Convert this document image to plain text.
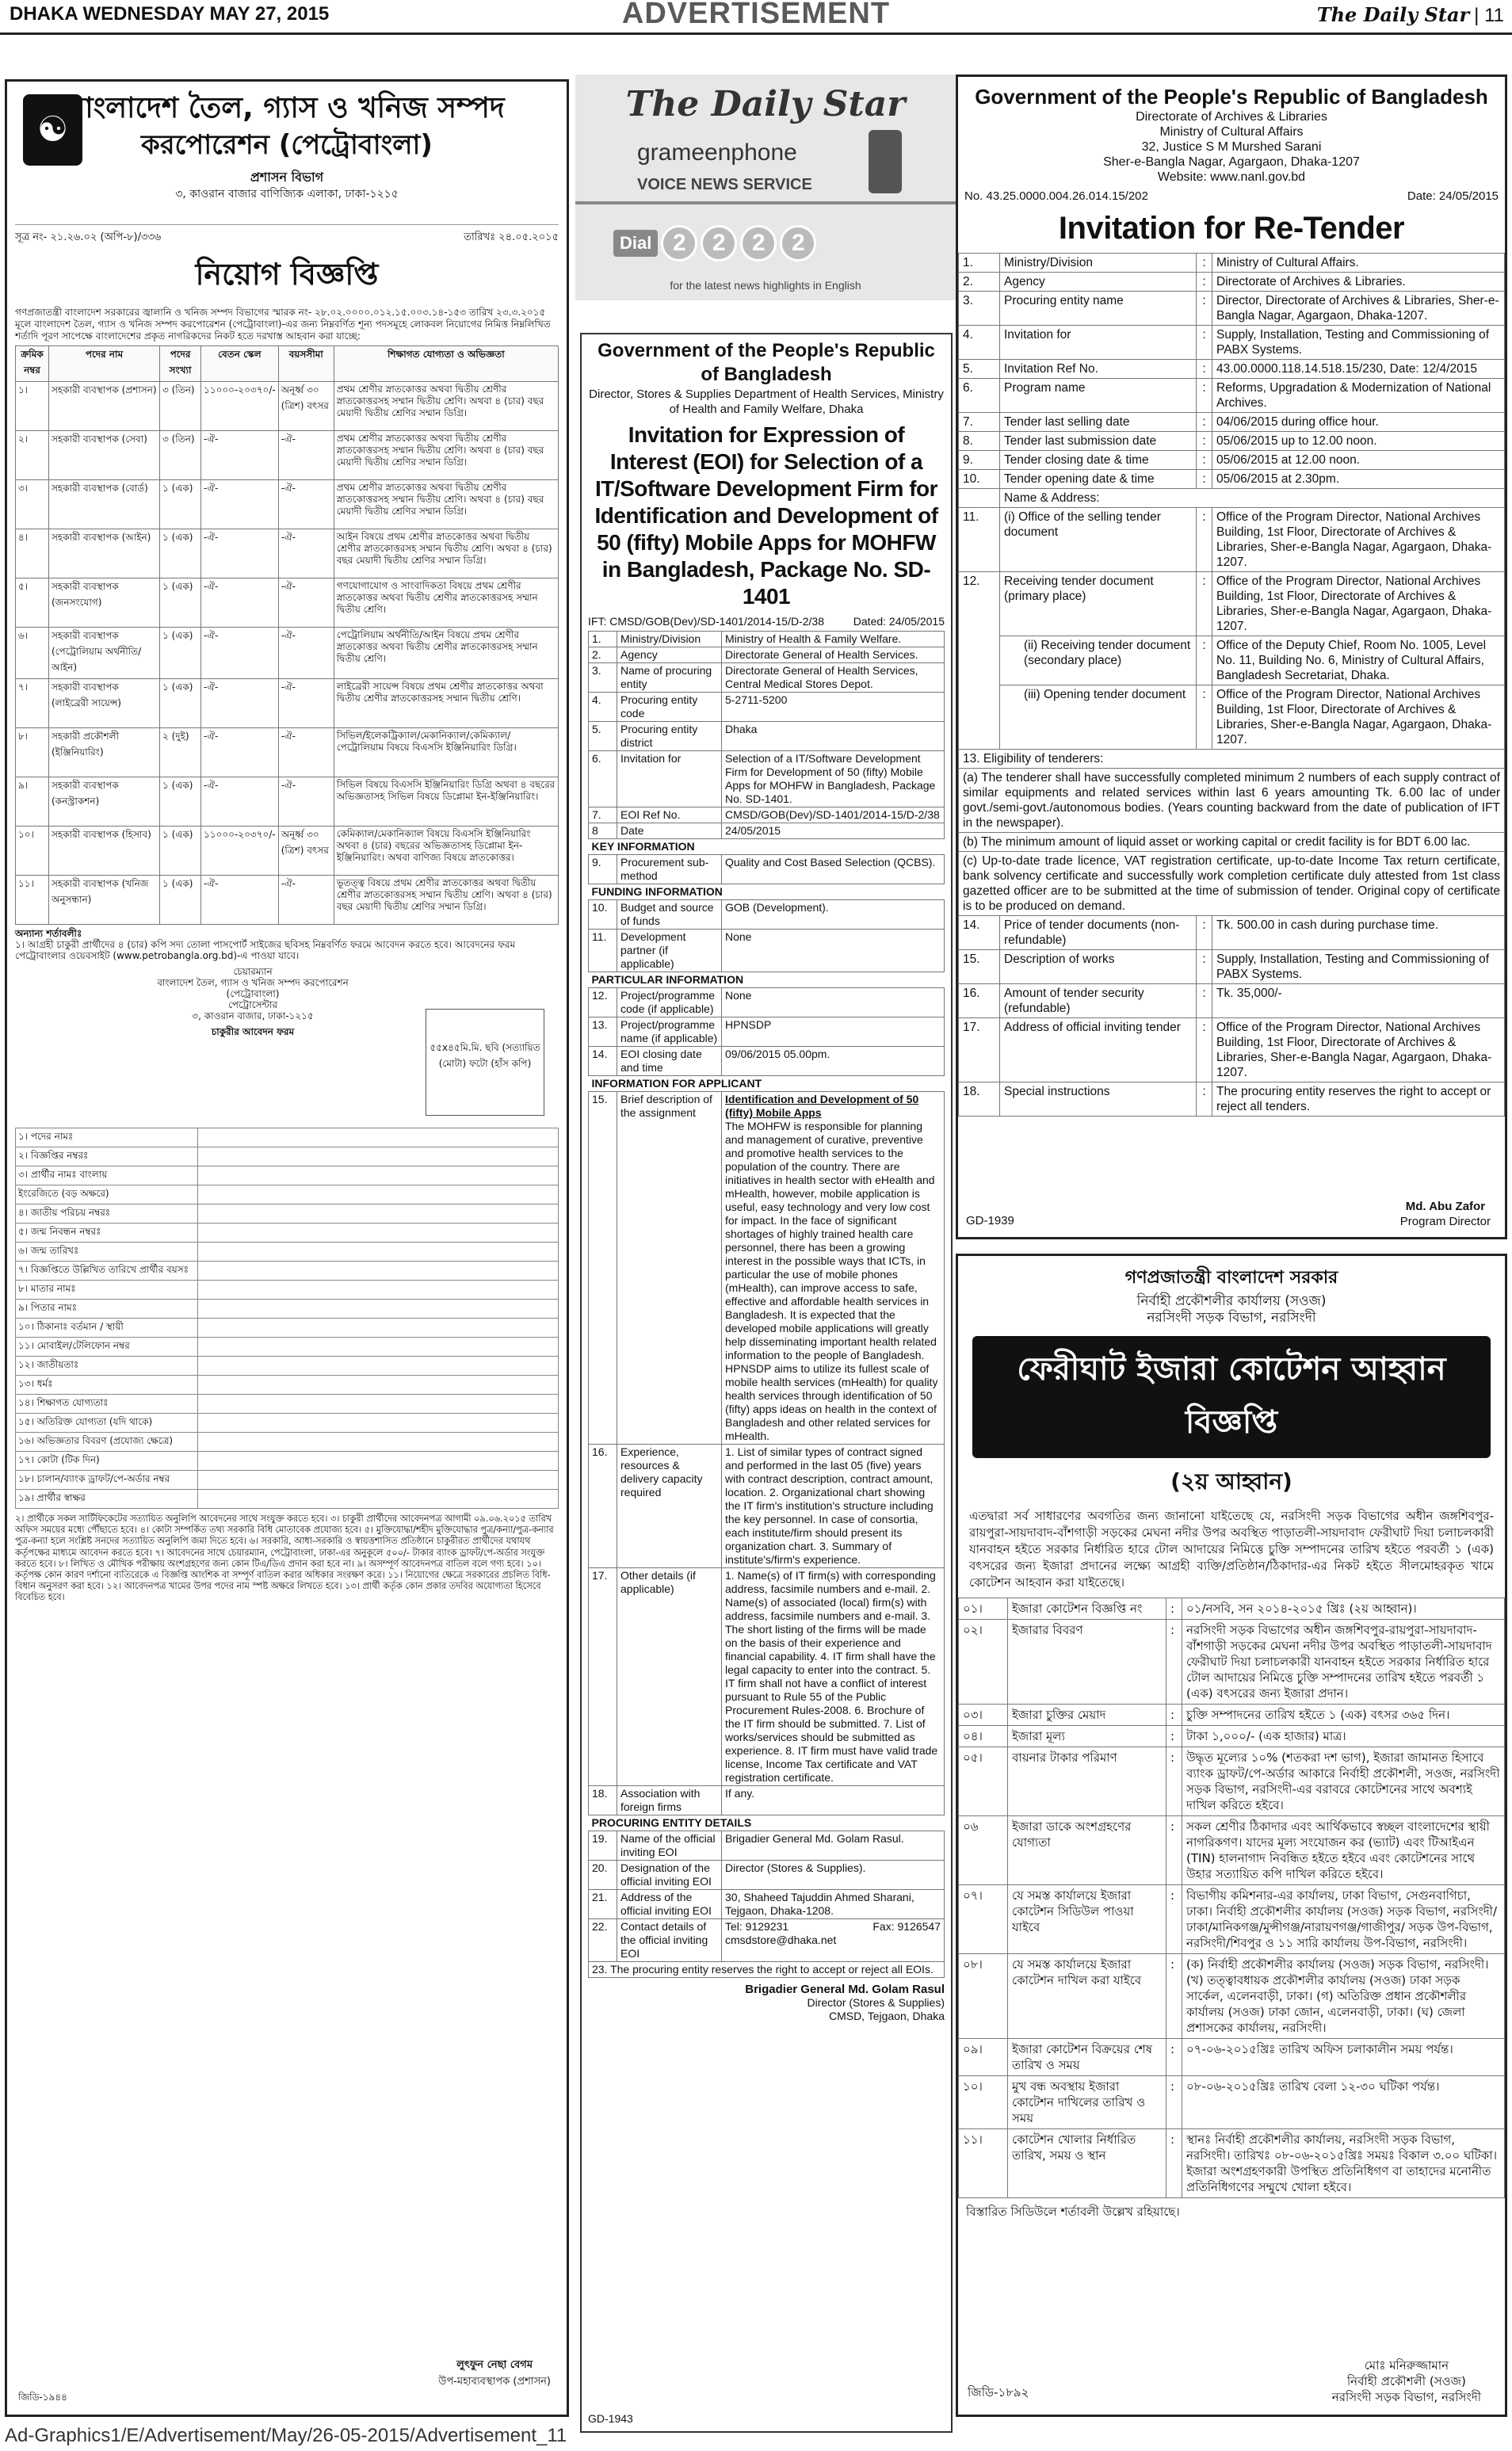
DHAKA WEDNESDAY MAY 27, 2015	ADVERTISEMENT	The Daily Star | 11
☯
বাংলাদেশ তৈল, গ্যাস ও খনিজ সম্পদ
করপোরেশন (পেট্রোবাংলা)
প্রশাসন বিভাগ
৩, কাওরান বাজার বাণিজ্যিক এলাকা, ঢাকা-১২১৫
সূত্র নং- ২১.২৬.০২ (অপি-৮)/৩৩৬	তারিখঃ ২৪.০৫.২০১৫
নিয়োগ বিজ্ঞপ্তি
গণপ্রজাতন্ত্রী বাংলাদেশ সরকারের জ্বালানি ও খনিজ সম্পদ বিভাগের স্মারক নং- ২৮.০২.০০০০.০১২.১৫.০০৩.১৪-১৫৩ তারিখ ২৩.৩.২০১৫ মূলে বাংলাদেশ তৈল, গ্যাস ও খনিজ সম্পদ করপোরেশন (পেট্রোবাংলা)-এর জন্য নিম্নবর্ণিত শূন্য পদসমূহে লোকবল নিয়োগের নিমিত্ত নিম্নলিখিত শর্তাদি পূরণ সাপেক্ষে বাংলাদেশের প্রকৃত নাগরিকদের নিকট হতে দরখাস্ত আহবান করা যাচ্ছে:
ক্রমিক নম্বর	পদের নাম	পদের সংখ্যা	বেতন স্কেল	বয়সসীমা	শিক্ষাগত যোগ্যতা ও অভিজ্ঞতা
১।	সহকারী ব্যবস্থাপক (প্রশাসন)	৩ (তিন)	১১০০০-২০৩৭০/-	অনূর্ধ্ব ৩০ (ত্রিশ) বৎসর	প্রথম শ্রেণীর স্নাতকোত্তর অথবা দ্বিতীয় শ্রেণীর স্নাতকোত্তরসহ সম্মান দ্বিতীয় শ্রেণি। অথবা ৪ (চার) বছর মেয়াদী দ্বিতীয় শ্রেণির সম্মান ডিগ্রি।
২।	সহকারী ব্যবস্থাপক (সেবা)	৩ (তিন)	-ঐ-	-ঐ-	প্রথম শ্রেণীর স্নাতকোত্তর অথবা দ্বিতীয় শ্রেণীর স্নাতকোত্তরসহ সম্মান দ্বিতীয় শ্রেণি। অথবা ৪ (চার) বছর মেয়াদী দ্বিতীয় শ্রেণির সম্মান ডিগ্রি।
৩।	সহকারী ব্যবস্থাপক (বোর্ড)	১ (এক)	-ঐ-	-ঐ-	প্রথম শ্রেণীর স্নাতকোত্তর অথবা দ্বিতীয় শ্রেণীর স্নাতকোত্তরসহ সম্মান দ্বিতীয় শ্রেণি। অথবা ৪ (চার) বছর মেয়াদী দ্বিতীয় শ্রেণির সম্মান ডিগ্রি।
৪।	সহকারী ব্যবস্থাপক (আইন)	১ (এক)	-ঐ-	-ঐ-	আইন বিষয়ে প্রথম শ্রেণীর স্নাতকোত্তর অথবা দ্বিতীয় শ্রেণীর স্নাতকোত্তরসহ সম্মান দ্বিতীয় শ্রেণি। অথবা ৪ (চার) বছর মেয়াদী দ্বিতীয় শ্রেণির সম্মান ডিগ্রি।
৫।	সহকারী ব্যবস্থাপক (জনসংযোগ)	১ (এক)	-ঐ-	-ঐ-	গণযোগাযোগ ও সাংবাদিকতা বিষয়ে প্রথম শ্রেণীর স্নাতকোত্তর অথবা দ্বিতীয় শ্রেণীর স্নাতকোত্তরসহ সম্মান দ্বিতীয় শ্রেণি।
৬।	সহকারী ব্যবস্থাপক (পেট্রোলিয়াম অর্থনীতি/আইন)	১ (এক)	-ঐ-	-ঐ-	পেট্রোলিয়াম অর্থনীতি/আইন বিষয়ে প্রথম শ্রেণীর স্নাতকোত্তর অথবা দ্বিতীয় শ্রেণীর স্নাতকোত্তরসহ সম্মান দ্বিতীয় শ্রেণি।
৭।	সহকারী ব্যবস্থাপক (লাইব্রেরী সায়েন্স)	১ (এক)	-ঐ-	-ঐ-	লাইব্রেরী সায়েন্স বিষয়ে প্রথম শ্রেণীর স্নাতকোত্তর অথবা দ্বিতীয় শ্রেণীর স্নাতকোত্তরসহ সম্মান দ্বিতীয় শ্রেণি।
৮।	সহকারী প্রকৌশলী (ইঞ্জিনিয়ারিং)	২ (দুই)	-ঐ-	-ঐ-	সিভিল/ইলেকট্রিক্যাল/মেকানিক্যাল/কেমিক্যাল/পেট্রোলিয়াম বিষয়ে বিএসসি ইঞ্জিনিয়ারিং ডিগ্রি।
৯।	সহকারী ব্যবস্থাপক (কনস্ট্রাকশন)	১ (এক)	-ঐ-	-ঐ-	সিভিল বিষয়ে বিএসসি ইঞ্জিনিয়ারিং ডিগ্রি অথবা ৪ বছরের অভিজ্ঞতাসহ সিভিল বিষয়ে ডিপ্লোমা ইন-ইঞ্জিনিয়ারিং।
১০।	সহকারী ব্যবস্থাপক (হিসাব)	১ (এক)	১১০০০-২০৩৭০/-	অনূর্ধ্ব ৩০ (ত্রিশ) বৎসর	কেমিক্যাল/মেকানিক্যাল বিষয়ে বিএসসি ইঞ্জিনিয়ারিং অথবা ৪ (চার) বছরের অভিজ্ঞতাসহ ডিপ্লোমা ইন-ইঞ্জিনিয়ারিং। অথবা বাণিজ্য বিষয়ে স্নাতকোত্তর।
১১।	সহকারী ব্যবস্থাপক (খনিজ অনুসন্ধান)	১ (এক)	-ঐ-	-ঐ-	ভূতত্ত্ব বিষয়ে প্রথম শ্রেণীর স্নাতকোত্তর অথবা দ্বিতীয় শ্রেণীর স্নাতকোত্তরসহ সম্মান দ্বিতীয় শ্রেণি। অথবা ৪ (চার) বছর মেয়াদী দ্বিতীয় শ্রেণির সম্মান ডিগ্রি।
অন্যান্য শর্তাবলীঃ
১। আগ্রহী চাকুরী প্রার্থীদের ৪ (চার) কপি সদ্য তোলা পাসপোর্ট সাইজের ছবিসহ নিম্নবর্ণিত ফরমে আবেদন করতে হবে। আবেদনের ফরম পেট্রোবাংলার ওয়েবসাইট (www.petrobangla.org.bd)-এ পাওয়া যাবে।
চেয়ারম্যান
বাংলাদেশ তৈল, গ্যাস ও খনিজ সম্পদ করপোরেশন
(পেট্রোবাংলা)
পেট্রোসেন্টার
৩, কাওরান বাজার, ঢাকা-১২১৫
চাকুরীর আবেদন ফরম
৫৫x৪৫মি.মি. ছবি (সত্যায়িত (মোটা) ফটো (হাঁস কপি)
১। পদের নামঃ	
২। বিজ্ঞপ্তির নম্বরঃ	
৩। প্রার্থীর নামঃ বাংলায়	
ইংরেজিতে (বড় অক্ষরে)	
৪। জাতীয় পরিচয় নম্বরঃ	
৫। জন্ম নিবন্ধন নম্বরঃ	
৬। জন্ম তারিখঃ	
৭। বিজ্ঞপ্তিতে উল্লিখিত তারিখে প্রার্থীর বয়সঃ	
৮। মাতার নামঃ	
৯। পিতার নামঃ	
১০। ঠিকানাঃ বর্তমান / স্থায়ী	
১১। মোবাইল/টেলিফোন নম্বর	
১২। জাতীয়তাঃ	
১৩। ধর্মঃ	
১৪। শিক্ষাগত যোগ্যতাঃ	
১৫। অতিরিক্ত যোগ্যতা (যদি থাকে)	
১৬। অভিজ্ঞতার বিবরণ (প্রযোজ্য ক্ষেত্রে)	
১৭। কোটা (টিক দিন)	
১৮। চালান/ব্যাংক ড্রাফট/পে-অর্ডার নম্বর	
১৯। প্রার্থীর স্বাক্ষর	
২। প্রার্থীকে সকল সার্টিফিকেটের সত্যায়িত অনুলিপি আবেদনের সাথে সংযুক্ত করতে হবে। ৩। চাকুরী প্রার্থীদের আবেদনপত্র আগামী ০৯.০৬.২০১৫ তারিখ অফিস সময়ের মধ্যে পৌঁছাতে হবে। ৪। কোটা সম্পর্কিত তথ্য সরকারি বিধি মোতাবেক প্রযোজ্য হবে। ৫। মুক্তিযোদ্ধা/শহীদ মুক্তিযোদ্ধার পুত্র/কন্যা/পুত্র-কন্যার পুত্র-কন্যা হলে সংশ্লিষ্ট সনদের সত্যায়িত অনুলিপি জমা দিতে হবে। ৬। সরকারি, আধা-সরকারি ও স্বায়ত্তশাসিত প্রতিষ্ঠানে চাকুরীরত প্রার্থীদের যথাযথ কর্তৃপক্ষের মাধ্যমে আবেদন করতে হবে। ৭। আবেদনের সাথে চেয়ারম্যান, পেট্রোবাংলা, ঢাকা-এর অনুকূলে ৫০০/- টাকার ব্যাংক ড্রাফট/পে-অর্ডার সংযুক্ত করতে হবে। ৮। লিখিত ও মৌখিক পরীক্ষায় অংশগ্রহণের জন্য কোন টিএ/ডিএ প্রদান করা হবে না। ৯। অসম্পূর্ণ আবেদনপত্র বাতিল বলে গণ্য হবে। ১০। কর্তৃপক্ষ কোন কারণ দর্শানো ব্যতিরেকে এ বিজ্ঞপ্তি আংশিক বা সম্পূর্ণ বাতিল করার অধিকার সংরক্ষণ করে। ১১। নিয়োগের ক্ষেত্রে সরকারের প্রচলিত বিধি-বিধান অনুসরণ করা হবে। ১২। আবেদনপত্র খামের উপর পদের নাম স্পষ্ট অক্ষরে লিখতে হবে। ১৩। প্রার্থী কর্তৃক কোন প্রকার তদবির অযোগ্যতা হিসেবে বিবেচিত হবে।
লুৎফুন নেছা বেগম
উপ-মহাব্যবস্থাপক (প্রশাসন)
জিডি-১৯৪৪
The Daily Star
grameenphone
VOICE NEWS SERVICE
Dial 2	2	2	2
for the latest news highlights in English
Government of the People's Republic of Bangladesh
Director, Stores & Supplies Department of Health Services, Ministry of Health and Family Welfare, Dhaka
Invitation for Expression of Interest (EOI) for Selection of a IT/Software Development Firm for Identification and Development of 50 (fifty) Mobile Apps for MOHFW in Bangladesh, Package No. SD-1401
IFT: CMSD/GOB(Dev)/SD-1401/2014-15/D-2/38	Dated: 24/05/2015
1.	Ministry/Division	Ministry of Health & Family Welfare.
2.	Agency	Directorate General of Health Services.
3.	Name of procuring entity	Directorate General of Health Services, Central Medical Stores Depot.
4.	Procuring entity code	5-2711-5200
5.	Procuring entity district	Dhaka
6.	Invitation for	Selection of a IT/Software Development Firm for Development of 50 (fifty) Mobile Apps for MOHFW in Bangladesh, Package No. SD-1401.
7.	EOI Ref No.	CMSD/GOB(Dev)/SD-1401/2014-15/D-2/38
8	Date	24/05/2015
KEY INFORMATION		
9.	Procurement sub-method	Quality and Cost Based Selection (QCBS).
FUNDING INFORMATION		
10.	Budget and source of funds	GOB (Development).
11.	Development partner (if applicable)	None
PARTICULAR INFORMATION		
12.	Project/programme code (if applicable)	None
13.	Project/programme name (if applicable)	HPNSDP
14.	EOI closing date and time	09/06/2015 05.00pm.
INFORMATION FOR APPLICANT		
15.	Brief description of the assignment	Identification and Development of 50 (fifty) Mobile Apps
The MOHFW is responsible for planning and management of curative, preventive and promotive health services to the population of the country. There are initiatives in health sector with eHealth and mHealth, however, mobile application is useful, easy technology and very low cost for impact. In the face of significant shortages of highly trained health care personnel, there has been a growing interest in the possible ways that ICTs, in particular the use of mobile phones (mHealth), can improve access to safe, effective and affordable health services in Bangladesh. It is expected that the developed mobile applications will greatly help disseminating important health related information to the people of Bangladesh. HPNSDP aims to utilize its fullest scale of mobile health services (mHealth) for quality health services through identification of 50 (fifty) apps ideas on health in the context of Bangladesh and other related services for mHealth.

16.	Experience, resources & delivery capacity required	1. List of similar types of contract signed and performed in the last 05 (five) years with contract description, contract amount, location. 2. Organizational chart showing the IT firm's institution's structure including the key personnel. In case of consortia, each institute/firm should present its organization chart. 3. Summary of institute's/firm's experience.
17.	Other details (if applicable)	1. Name(s) of IT firm(s) with corresponding address, facsimile numbers and e-mail. 2. Name(s) of associated (local) firm(s) with address, facsimile numbers and e-mail. 3. The short listing of the firms will be made on the basis of their experience and financial capability. 4. IT firm shall have the legal capacity to enter into the contract. 5. IT firm shall not have a conflict of interest pursuant to Rule 55 of the Public Procurement Rules-2008. 6. Brochure of the IT firm should be submitted. 7. List of works/services should be submitted as experience. 8. IT firm must have valid trade license, Income Tax certificate and VAT registration certificate.
18.	Association with foreign firms	If any.
PROCURING ENTITY DETAILS		
19.	Name of the official inviting EOI	Brigadier General Md. Golam Rasul.
20.	Designation of the official inviting EOI	Director (Stores & Supplies).
21.	Address of the official inviting EOI	30, Shaheed Tajuddin Ahmed Sharani, Tejgaon, Dhaka-1208.
22.	Contact details of the official inviting EOI	Tel: 9129231 Fax: 9126547
cmsdstore@dhaka.net

23. The procuring entity reserves the right to accept or reject all EOIs.		
Brigadier General Md. Golam Rasul
Director (Stores & Supplies)
CMSD, Tejgaon, Dhaka
GD-1943
Government of the People's Republic of Bangladesh
Directorate of Archives & Libraries
Ministry of Cultural Affairs
32, Justice S M Murshed Sarani
Sher-e-Bangla Nagar, Agargaon, Dhaka-1207
Website: www.nanl.gov.bd
No. 43.25.0000.004.26.014.15/202	Date: 24/05/2015
Invitation for Re-Tender
1.	Ministry/Division	:	Ministry of Cultural Affairs.
2.	Agency	:	Directorate of Archives & Libraries.
3.	Procuring entity name	:	Director, Directorate of Archives & Libraries, Sher-e-Bangla Nagar, Agargaon, Dhaka-1207.
4.	Invitation for	:	Supply, Installation, Testing and Commissioning of PABX Systems.
5.	Invitation Ref No.	:	43.00.0000.118.14.518.15/230, Date: 12/4/2015
6.	Program name	:	Reforms, Upgradation & Modernization of National Archives.
7.	Tender last selling date	:	04/06/2015 during office hour.
8.	Tender last submission date	:	05/06/2015 up to 12.00 noon.
9.	Tender closing date & time	:	05/06/2015 at 12.00 noon.
10.	Tender opening date & time	:	05/06/2015 at 2.30pm.
	Name & Address:		
11.	(i) Office of the selling tender document	:	Office of the Program Director, National Archives Building, 1st Floor, Directorate of Archives & Libraries, Sher-e-Bangla Nagar, Agargaon, Dhaka-1207.
12.	Receiving tender document (primary place)	:	Office of the Program Director, National Archives Building, 1st Floor, Directorate of Archives & Libraries, Sher-e-Bangla Nagar, Agargaon, Dhaka-1207.
	(ii) Receiving tender document (secondary place)	:	Office of the Deputy Chief, Room No. 1005, Level No. 11, Building No. 6, Ministry of Cultural Affairs, Bangladesh Secretariat, Dhaka.
	(iii) Opening tender document	:	Office of the Program Director, National Archives Building, 1st Floor, Directorate of Archives & Libraries, Sher-e-Bangla Nagar, Agargaon, Dhaka-1207.
13. Eligibility of tenderers:			
(a) The tenderer shall have successfully completed minimum 2 numbers of each supply contract of similar equipments and related services within last 6 years amounting Tk. 6.00 lac of under govt./semi-govt./autonomous bodies. (Years counting backward from the date of publication of IFT in the newspaper).			
(b) The minimum amount of liquid asset or working capital or credit facility is for BDT 6.00 lac.			
(c) Up-to-date trade licence, VAT registration certificate, up-to-date Income Tax return certificate, bank solvency certificate and successfully work completion certificate duly attested from 1st class gazetted officer are to be submitted at the time of submission of tender. Original copy of certificate is to be produced on demand.			
14.	Price of tender documents (non-refundable)	:	Tk. 500.00 in cash during purchase time.
15.	Description of works	:	Supply, Installation, Testing and Commissioning of PABX Systems.
16.	Amount of tender security (refundable)	:	Tk. 35,000/-
17.	Address of official inviting tender	:	Office of the Program Director, National Archives Building, 1st Floor, Directorate of Archives & Libraries, Sher-e-Bangla Nagar, Agargaon, Dhaka-1207.
18.	Special instructions	:	The procuring entity reserves the right to accept or reject all tenders.
Md. Abu Zafor
Program Director
GD-1939
গণপ্রজাতন্ত্রী বাংলাদেশ সরকার
নির্বাহী প্রকৌশলীর কার্যালয় (সওজ)
নরসিংদী সড়ক বিভাগ, নরসিংদী
ফেরীঘাট ইজারা কোটেশন আহ্বান বিজ্ঞপ্তি
(২য় আহ্বান)
এতদ্বারা সর্ব সাধারণের অবগতির জন্য জানানো যাইতেছে যে, নরসিংদী সড়ক বিভাগের অধীন জঙ্গশিবপুর-রায়পুরা-সায়দাবাদ-বাঁশগাড়ী সড়কের মেঘনা নদীর উপর অবস্থিত পাড়াতলী-সায়দাবাদ ফেরীঘাট দিয়া চলাচলকারী যানবাহন হইতে সরকার নির্ধারিত হারে টোল আদায়ের নিমিত্তে চুক্তি সম্পাদনের তারিখ হইতে পরবর্তী ১ (এক) বৎসরের জন্য ইজারা প্রদানের লক্ষ্যে আগ্রহী ব্যক্তি/প্রতিষ্ঠান/ঠিকাদার-এর নিকট হইতে সীলমোহরকৃত খামে কোটেশন আহবান করা যাইতেছে।
০১।	ইজারা কোটেশন বিজ্ঞপ্তি নং	:	০১/নসবি, সন ২০১৪-২০১৫ খ্রিঃ (২য় আহ্বান)।
০২।	ইজারার বিবরণ	:	নরসিংদী সড়ক বিভাগের অধীন জঙ্গশিবপুর-রায়পুরা-সায়দাবাদ-বাঁশগাড়ী সড়কের মেঘনা নদীর উপর অবস্থিত পাড়াতলী-সায়দাবাদ ফেরীঘাট দিয়া চলাচলকারী যানবাহন হইতে সরকার নির্ধারিত হারে টোল আদায়ের নিমিত্তে চুক্তি সম্পাদনের তারিখ হইতে পরবর্তী ১ (এক) বৎসরের জন্য ইজারা প্রদান।
০৩।	ইজারা চুক্তির মেয়াদ	:	চুক্তি সম্পাদনের তারিখ হইতে ১ (এক) বৎসর ৩৬৫ দিন।
০৪।	ইজারা মূল্য	:	টাকা ১,০০০/- (এক হাজার) মাত্র।
০৫।	বায়নার টাকার পরিমাণ	:	উদ্ধৃত মূল্যের ১০% (শতকরা দশ ভাগ), ইজারা জামানত হিসাবে ব্যাংক ড্রাফট/পে-অর্ডার আকারে নির্বাহী প্রকৌশলী, সওজ, নরসিংদী সড়ক বিভাগ, নরসিংদী-এর বরাবরে কোটেশনের সাথে অবশ্যই দাখিল করিতে হইবে।
০৬	ইজারা ডাকে অংশগ্রহণের যোগ্যতা	:	সকল শ্রেণীর ঠিকাদার এবং আর্থিকভাবে স্বচ্ছল বাংলাদেশের স্থায়ী নাগরিকগণ। যাদের মূল্য সংযোজন কর (ভ্যাট) এবং টিআইএন (TIN) হালনাগাদ নিবন্ধিত হইতে হইবে এবং কোটেশনের সাথে উহার সত্যায়িত কপি দাখিল করিতে হইবে।
০৭।	যে সমস্ত কার্যালয়ে ইজারা কোটেশন সিডিউল পাওয়া যাইবে	:	বিভাগীয় কমিশনার-এর কার্যালয়, ঢাকা বিভাগ, সেগুনবাগিচা, ঢাকা। নির্বাহী প্রকৌশলীর কার্যালয় (সওজ) সড়ক বিভাগ, নরসিংদী/ঢাকা/মানিকগঞ্জ/মুন্সীগঞ্জ/নারায়ণগঞ্জ/গাজীপুর/ সড়ক উপ-বিভাগ, নরসিংদী/শিবপুর ও ১১ সারি কার্যালয় উপ-বিভাগ, নরসিংদী।
০৮।	যে সমস্ত কার্যালয়ে ইজারা কোটেশন দাখিল করা যাইবে	:	(ক) নির্বাহী প্রকৌশলীর কার্যালয় (সওজ) সড়ক বিভাগ, নরসিংদী। (খ) তত্ত্বাবধায়ক প্রকৌশলীর কার্যালয় (সওজ) ঢাকা সড়ক সার্কেল, এলেনবাড়ী, ঢাকা। (গ) অতিরিক্ত প্রধান প্রকৌশলীর কার্যালয় (সওজ) ঢাকা জোন, এলেনবাড়ী, ঢাকা। (ঘ) জেলা প্রশাসকের কার্যালয়, নরসিংদী।
০৯।	ইজারা কোটেশন বিক্রয়ের শেষ তারিখ ও সময়	:	০৭-০৬-২০১৫খ্রিঃ তারিখ অফিস চলাকালীন সময় পর্যন্ত।
১০।	মুখ বন্ধ অবস্থায় ইজারা কোটেশন দাখিলের তারিখ ও সময়	:	০৮-০৬-২০১৫খ্রিঃ তারিখ বেলা ১২-৩০ ঘটিকা পর্যন্ত।
১১।	কোটেশন খোলার নির্ধারিত তারিখ, সময় ও স্থান	:	স্থানঃ নির্বাহী প্রকৌশলীর কার্যালয়, নরসিংদী সড়ক বিভাগ, নরসিংদী। তারিখঃ ০৮-০৬-২০১৫খ্রিঃ সময়ঃ বিকাল ৩.০০ ঘটিকা। ইজারা অংশগ্রহণকারী উপস্থিত প্রতিনিধিগণ বা তাহাদের মনোনীত প্রতিনিধিগণের সম্মুখে খোলা হইবে।
বিস্তারিত সিডিউলে শর্তাবলী উল্লেখ রহিয়াছে।
মোঃ মনিরুজ্জামান
নির্বাহী প্রকৌশলী (সওজ)
নরসিংদী সড়ক বিভাগ, নরসিংদী
জিডি-১৮৯২
Ad-Graphics1/E/Advertisement/May/26-05-2015/Advertisement_11
